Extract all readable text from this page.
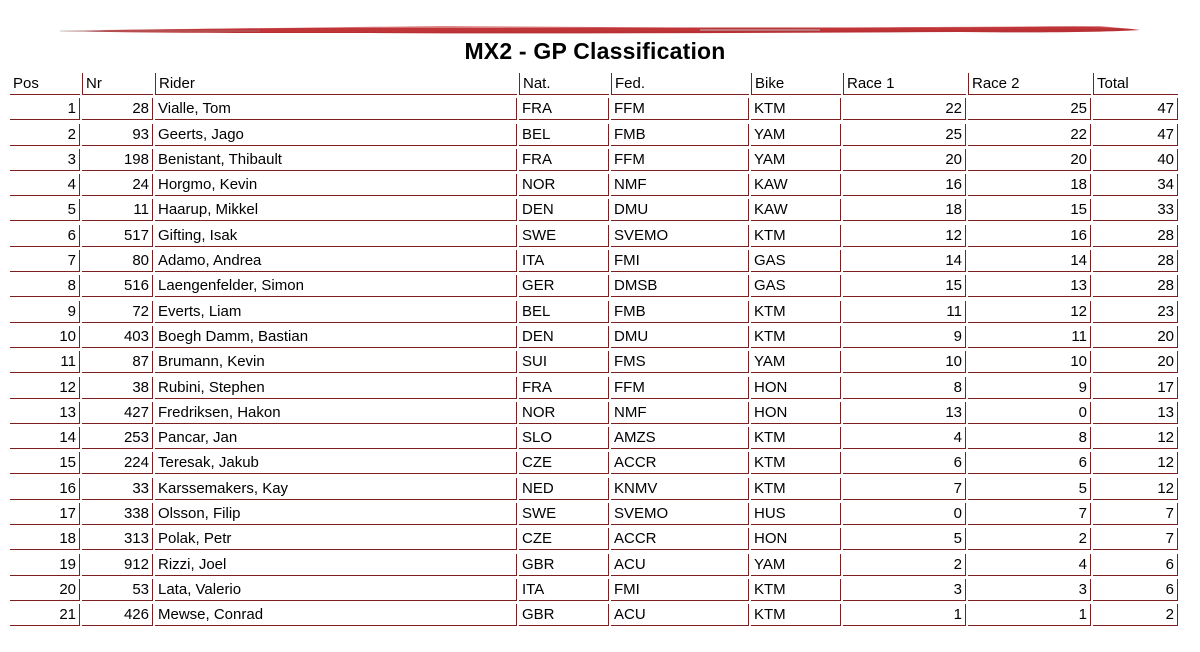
MX2 - GP Classification
Pos	Nr	Rider	Nat.	Fed.	Bike	Race 1	Race 2	Total
1	28 Vialle, Tom	FRA	FFM	KTM	22	25	47
2	93 Geerts, Jago	BEL	FMB	YAM	25	22	47
3	198 Benistant, Thibault	FRA	FFM	YAM	20	20	40
4	24 Horgmo, Kevin	NOR	NMF	KAW	16	18	34
5	11 Haarup, Mikkel	DEN	DMU	KAW	18	15	33
6	517 Gifting, Isak	SWE	SVEMO	KTM	12	16	28
7	80 Adamo, Andrea	ITA	FMI	GAS	14	14	28
8	516 Laengenfelder, Simon	GER	DMSB	GAS	15	13	28
9	72 Everts, Liam	BEL	FMB	KTM	11	12	23
10	403 Boegh Damm, Bastian	DEN	DMU	KTM	9	11	20
11	87 Brumann, Kevin	SUI	FMS	YAM	10	10	20
12	38 Rubini, Stephen	FRA	FFM	HON	8	9	17
13	427 Fredriksen, Hakon	NOR	NMF	HON	13	0	13
14	253 Pancar, Jan	SLO	AMZS	KTM	4	8	12
15	224 Teresak, Jakub	CZE	ACCR	KTM	6	6	12
16	33 Karssemakers, Kay	NED	KNMV	KTM	7	5	12
17	338 Olsson, Filip	SWE	SVEMO	HUS	0	7	7
18	313 Polak, Petr	CZE	ACCR	HON	5	2	7
19	912 Rizzi, Joel	GBR	ACU	YAM	2	4	6
20	53 Lata, Valerio	ITA	FMI	KTM	3	3	6
21	426 Mewse, Conrad	GBR	ACU	KTM	1	1	2
